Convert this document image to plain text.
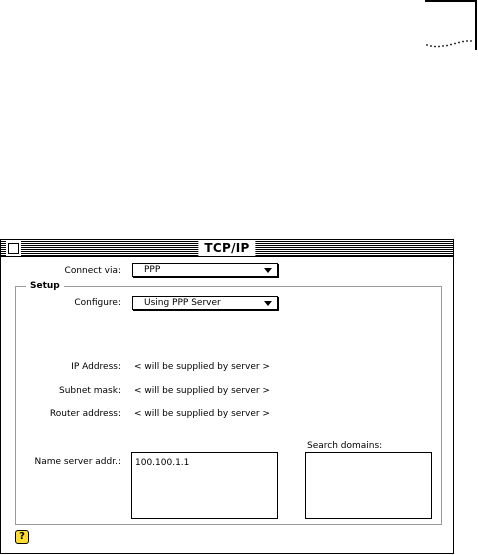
TCP/IP
Connect via:	PPP
Setup
Configure:	Using PPP Server
IP Address: < will be supplied by server >
Subnet mask: < will be supplied by server >
Router address: < will be supplied by server >
Name server addr.:	100.100.1.1
Search domains:
?
